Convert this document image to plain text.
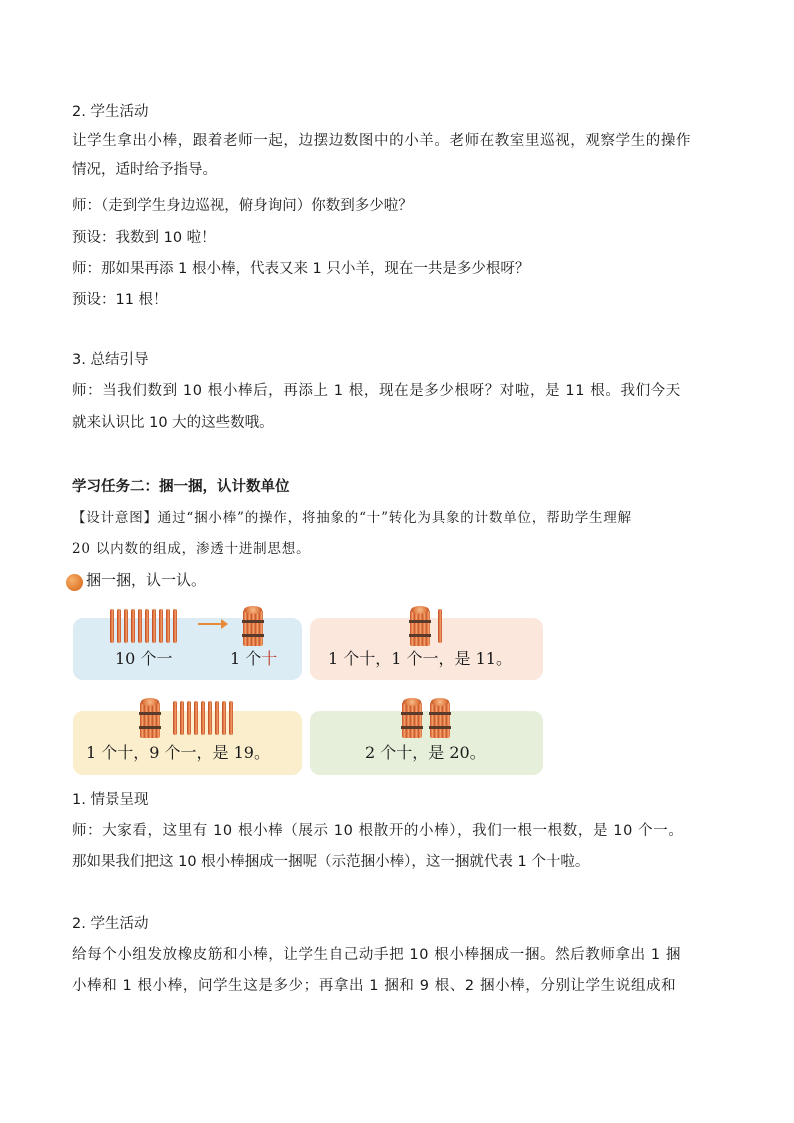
2. 学生活动
让学生拿出小棒，跟着老师一起，边摆边数图中的小羊。老师在教室里巡视，观察学生的操作
情况，适时给予指导。
师：（走到学生身边巡视，俯身询问）你数到多少啦？
预设：我数到 10 啦！
师：那如果再添 1 根小棒，代表又来 1 只小羊，现在一共是多少根呀？
预设：11 根！
3. 总结引导
师：当我们数到 10 根小棒后，再添上 1 根，现在是多少根呀？对啦，是 11 根。我们今天
就来认识比 10 大的这些数哦。
学习任务二：捆一捆，认计数单位
【设计意图】通过“捆小棒”的操作，将抽象的“十”转化为具象的计数单位，帮助学生理解
20 以内数的组成，渗透十进制思想。
捆一捆，认一认。
10 个一	1 个十	1 个十，1 个一，是 11。
1 个十，9 个一，是 19。	2 个十，是 20。
1. 情景呈现
师：大家看，这里有 10 根小棒（展示 10 根散开的小棒），我们一根一根数，是 10 个一。
那如果我们把这 10 根小棒捆成一捆呢（示范捆小棒），这一捆就代表 1 个十啦。
2. 学生活动
给每个小组发放橡皮筋和小棒，让学生自己动手把 10 根小棒捆成一捆。然后教师拿出 1 捆
小棒和 1 根小棒，问学生这是多少；再拿出 1 捆和 9 根、2 捆小棒，分别让学生说组成和
